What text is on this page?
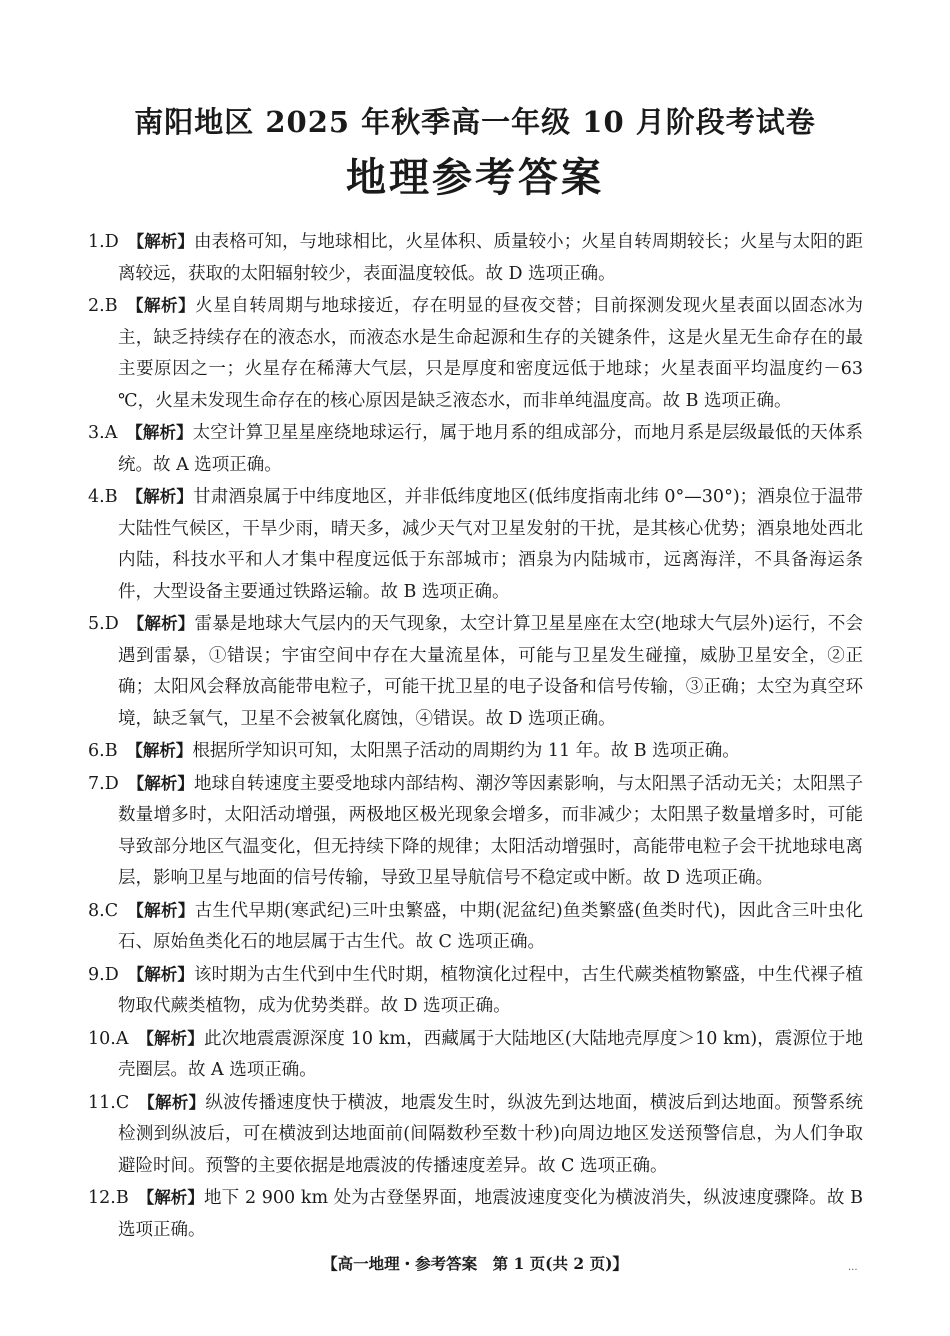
南阳地区 2025 年秋季高一年级 10 月阶段考试卷
地理参考答案

1.D  【解析】由表格可知，与地球相比，火星体积、质量较小；火星自转周期较长；火星与太阳的距离较远，获取的太阳辐射较少，表面温度较低。故 D 选项正确。

2.B  【解析】火星自转周期与地球接近，存在明显的昼夜交替；目前探测发现火星表面以固态冰为主，缺乏持续存在的液态水，而液态水是生命起源和生存的关键条件，这是火星无生命存在的最主要原因之一；火星存在稀薄大气层，只是厚度和密度远低于地球；火星表面平均温度约－63 ℃，火星未发现生命存在的核心原因是缺乏液态水，而非单纯温度高。故 B 选项正确。

3.A  【解析】太空计算卫星星座绕地球运行，属于地月系的组成部分，而地月系是层级最低的天体系统。故 A 选项正确。

4.B  【解析】甘肃酒泉属于中纬度地区，并非低纬度地区(低纬度指南北纬 0°—30°)；酒泉位于温带大陆性气候区，干旱少雨，晴天多，减少天气对卫星发射的干扰，是其核心优势；酒泉地处西北内陆，科技水平和人才集中程度远低于东部城市；酒泉为内陆城市，远离海洋，不具备海运条件，大型设备主要通过铁路运输。故 B 选项正确。

5.D  【解析】雷暴是地球大气层内的天气现象，太空计算卫星星座在太空(地球大气层外)运行，不会遇到雷暴，①错误；宇宙空间中存在大量流星体，可能与卫星发生碰撞，威胁卫星安全，②正确；太阳风会释放高能带电粒子，可能干扰卫星的电子设备和信号传输，③正确；太空为真空环境，缺乏氧气，卫星不会被氧化腐蚀，④错误。故 D 选项正确。

6.B  【解析】根据所学知识可知，太阳黑子活动的周期约为 11 年。故 B 选项正确。

7.D  【解析】地球自转速度主要受地球内部结构、潮汐等因素影响，与太阳黑子活动无关；太阳黑子数量增多时，太阳活动增强，两极地区极光现象会增多，而非减少；太阳黑子数量增多时，可能导致部分地区气温变化，但无持续下降的规律；太阳活动增强时，高能带电粒子会干扰地球电离层，影响卫星与地面的信号传输，导致卫星导航信号不稳定或中断。故 D 选项正确。

8.C  【解析】古生代早期(寒武纪)三叶虫繁盛，中期(泥盆纪)鱼类繁盛(鱼类时代)，因此含三叶虫化石、原始鱼类化石的地层属于古生代。故 C 选项正确。

9.D  【解析】该时期为古生代到中生代时期，植物演化过程中，古生代蕨类植物繁盛，中生代裸子植物取代蕨类植物，成为优势类群。故 D 选项正确。

10.A  【解析】此次地震震源深度 10 km，西藏属于大陆地区(大陆地壳厚度＞10 km)，震源位于地壳圈层。故 A 选项正确。

11.C  【解析】纵波传播速度快于横波，地震发生时，纵波先到达地面，横波后到达地面。预警系统检测到纵波后，可在横波到达地面前(间隔数秒至数十秒)向周边地区发送预警信息，为人们争取避险时间。预警的主要依据是地震波的传播速度差异。故 C 选项正确。

12.B  【解析】地下 2 900 km 处为古登堡界面，地震波速度变化为横波消失，纵波速度骤降。故 B 选项正确。

【高一地理・参考答案　第 1 页(共 2 页)】	...
